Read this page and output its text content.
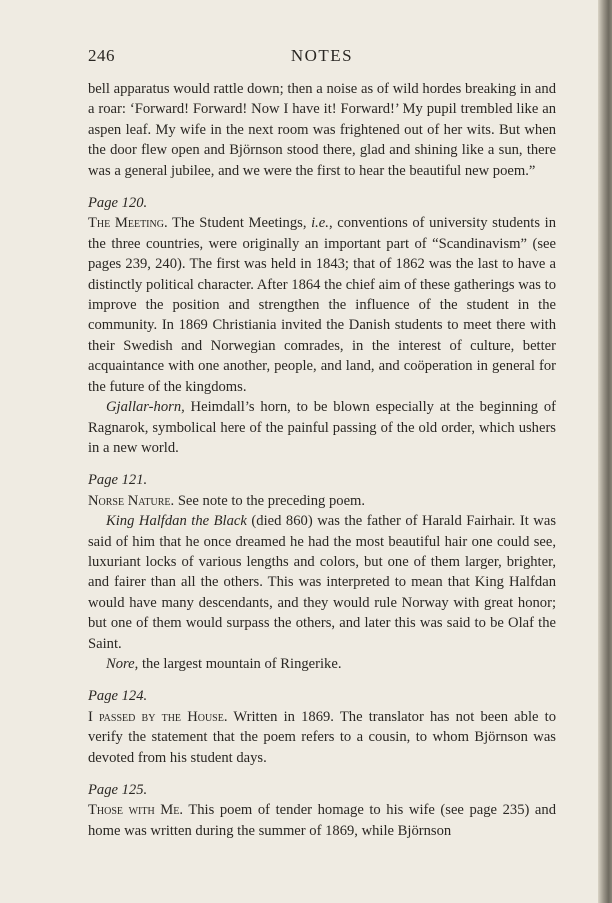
246	NOTES

bell apparatus would rattle down; then a noise as of wild hordes breaking in and a roar: ‘Forward! Forward! Now I have it! Forward!’ My pupil trembled like an aspen leaf. My wife in the next room was frightened out of her wits. But when the door flew open and Björnson stood there, glad and shining like a sun, there was a general jubilee, and we were the first to hear the beautiful new poem.”

Page 120.

The Meeting. The Student Meetings, i.e., conventions of university students in the three countries, were originally an important part of “Scandinavism” (see pages 239, 240). The first was held in 1843; that of 1862 was the last to have a distinctly political character. After 1864 the chief aim of these gatherings was to improve the position and strengthen the influence of the student in the community. In 1869 Christiania invited the Danish students to meet there with their Swedish and Norwegian comrades, in the interest of culture, better acquaintance with one another, people, and land, and coöperation in general for the future of the kingdoms.

Gjallar-horn, Heimdall’s horn, to be blown especially at the beginning of Ragnarok, symbolical here of the painful passing of the old order, which ushers in a new world.

Page 121.

Norse Nature. See note to the preceding poem.

King Halfdan the Black (died 860) was the father of Harald Fairhair. It was said of him that he once dreamed he had the most beautiful hair one could see, luxuriant locks of various lengths and colors, but one of them larger, brighter, and fairer than all the others. This was interpreted to mean that King Halfdan would have many descendants, and they would rule Norway with great honor; but one of them would surpass the others, and later this was said to be Olaf the Saint.

Nore, the largest mountain of Ringerike.

Page 124.

I passed by the House. Written in 1869. The translator has not been able to verify the statement that the poem refers to a cousin, to whom Björnson was devoted from his student days.

Page 125.

Those with Me. This poem of tender homage to his wife (see page 235) and home was written during the summer of 1869, while Björnson
